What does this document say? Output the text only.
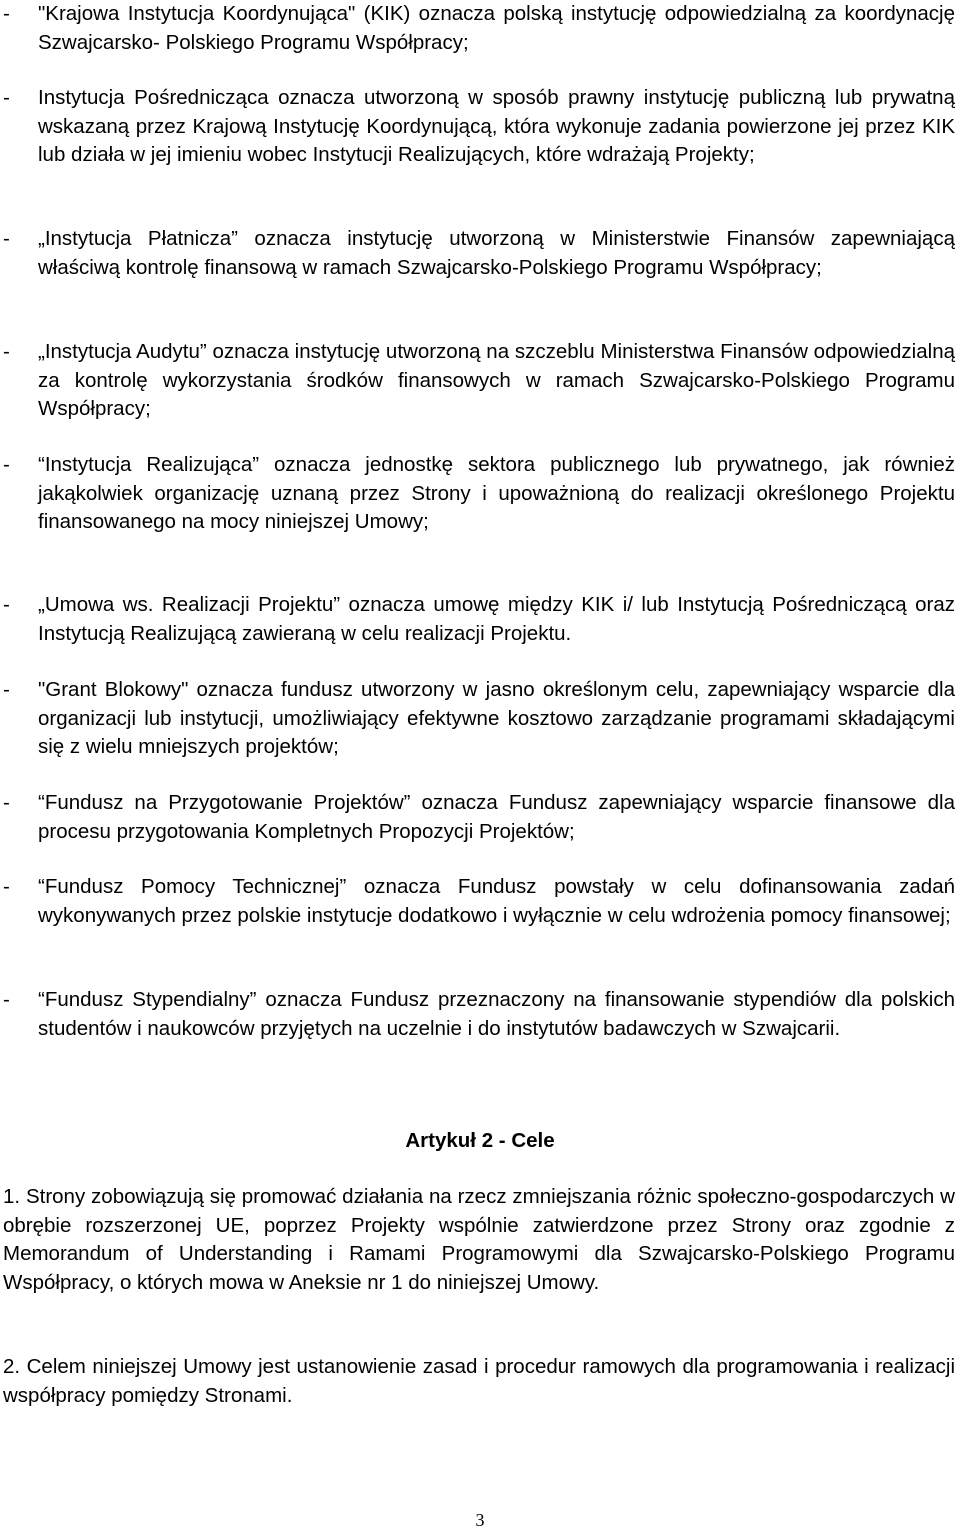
-	"Krajowa Instytucja Koordynująca" (KIK) oznacza polską instytucję odpowiedzialną za koordynację Szwajcarsko- Polskiego Programu Współpracy;
-	Instytucja Pośrednicząca oznacza utworzoną w sposób prawny instytucję publiczną lub prywatną wskazaną przez Krajową Instytucję Koordynującą, która wykonuje zadania powierzone jej przez KIK lub działa w jej imieniu wobec Instytucji Realizujących, które wdrażają Projekty;
-	„Instytucja Płatnicza” oznacza instytucję utworzoną w Ministerstwie Finansów zapewniającą właściwą kontrolę finansową w ramach Szwajcarsko-Polskiego Programu Współpracy;
-	„Instytucja Audytu” oznacza instytucję utworzoną na szczeblu Ministerstwa Finansów odpowiedzialną za kontrolę wykorzystania środków finansowych w ramach Szwajcarsko-Polskiego Programu Współpracy;
-	“Instytucja Realizująca” oznacza jednostkę sektora publicznego lub prywatnego, jak również jakąkolwiek organizację uznaną przez Strony i upoważnioną do realizacji określonego Projektu finansowanego na mocy niniejszej Umowy;
-	„Umowa ws. Realizacji Projektu” oznacza umowę między KIK i/ lub Instytucją Pośredniczącą oraz Instytucją Realizującą zawieraną w celu realizacji Projektu.
-	"Grant Blokowy" oznacza fundusz utworzony w jasno określonym celu, zapewniający wsparcie dla organizacji lub instytucji, umożliwiający efektywne kosztowo zarządzanie programami składającymi się z wielu mniejszych projektów;
-	“Fundusz na Przygotowanie Projektów” oznacza Fundusz zapewniający wsparcie finansowe dla procesu przygotowania Kompletnych Propozycji Projektów;
-	“Fundusz Pomocy Technicznej” oznacza Fundusz powstały w celu dofinansowania zadań wykonywanych przez polskie instytucje dodatkowo i wyłącznie w celu wdrożenia pomocy finansowej;
-	“Fundusz Stypendialny” oznacza Fundusz przeznaczony na finansowanie stypendiów dla polskich studentów i naukowców przyjętych na uczelnie i do instytutów badawczych w Szwajcarii.
Artykuł 2 - Cele
1. Strony zobowiązują się promować działania na rzecz zmniejszania różnic społeczno-gospodarczych w obrębie rozszerzonej UE, poprzez Projekty wspólnie zatwierdzone przez Strony oraz zgodnie z Memorandum of Understanding i Ramami Programowymi dla Szwajcarsko-Polskiego Programu Współpracy, o których mowa w Aneksie nr 1 do niniejszej Umowy.
2. Celem niniejszej Umowy jest ustanowienie zasad i procedur ramowych dla programowania i realizacji współpracy pomiędzy Stronami.
3
